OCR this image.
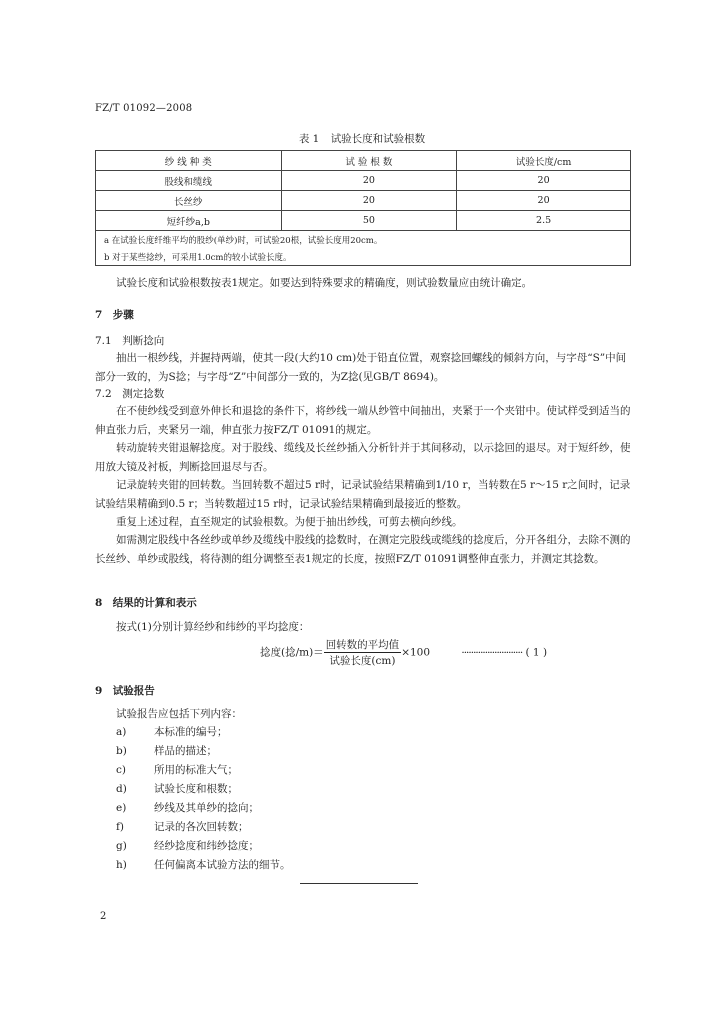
FZ/T 01092—2008
表 1 试验长度和试验根数
纱 线 种 类	试 验 根 数	试验长度/cm
股线和缆线	20	20
长丝纱	20	20
短纤纱a,b	50	2.5
a 在试验长度纤维平均的股纱(单纱)时，可试验20根，试验长度用20cm。		
b 对于某些捻纱，可采用1.0cm的较小试验长度。		
试验长度和试验根数按表1规定。如要达到特殊要求的精确度，则试验数量应由统计确定。
7　步骤
7.1　判断捻向
抽出一根纱线，并握持两端，使其一段(大约10 cm)处于铅直位置，观察捻回螺线的倾斜方向，与字母“S”中间部分一致的，为S捻；与字母“Z”中间部分一致的，为Z捻(见GB/T 8694)。
7.2　测定捻数
在不使纱线受到意外伸长和退捻的条件下，将纱线一端从纱管中间抽出，夹紧于一个夹钳中。使试样受到适当的伸直张力后，夹紧另一端，伸直张力按FZ/T 01091的规定。
转动旋转夹钳退解捻度。对于股线、缆线及长丝纱插入分析针并于其间移动，以示捻回的退尽。对于短纤纱，使用放大镜及衬板，判断捻回退尽与否。
记录旋转夹钳的回转数。当回转数不超过5 r时，记录试验结果精确到1/10 r，当转数在5 r～15 r之间时，记录试验结果精确到0.5 r；当转数超过15 r时，记录试验结果精确到最接近的整数。
重复上述过程，直至规定的试验根数。为便于抽出纱线，可剪去横向纱线。
如需测定股线中各丝纱或单纱及缆线中股线的捻数时，在测定完股线或缆线的捻度后，分开各组分，去除不测的长丝纱、单纱或股线，将待测的组分调整至表1规定的长度，按照FZ/T 01091调整伸直张力，并测定其捻数。
8　结果的计算和表示
按式(1)分别计算经纱和纬纱的平均捻度：
捻度(捻$/m)= \frac{\text{回转数的平均值}}{\text{试验长度(cm)}} \times 100$	·························· ( 1 )
9　试验报告
试验报告应包括下列内容：
a)	本标准的编号；
b)	样品的描述；
c)	所用的标准大气；
d)	试验长度和根数；
e)	纱线及其单纱的捻向；
f)	记录的各次回转数；
g)	经纱捻度和纬纱捻度；
h)	任何偏离本试验方法的细节。
2
